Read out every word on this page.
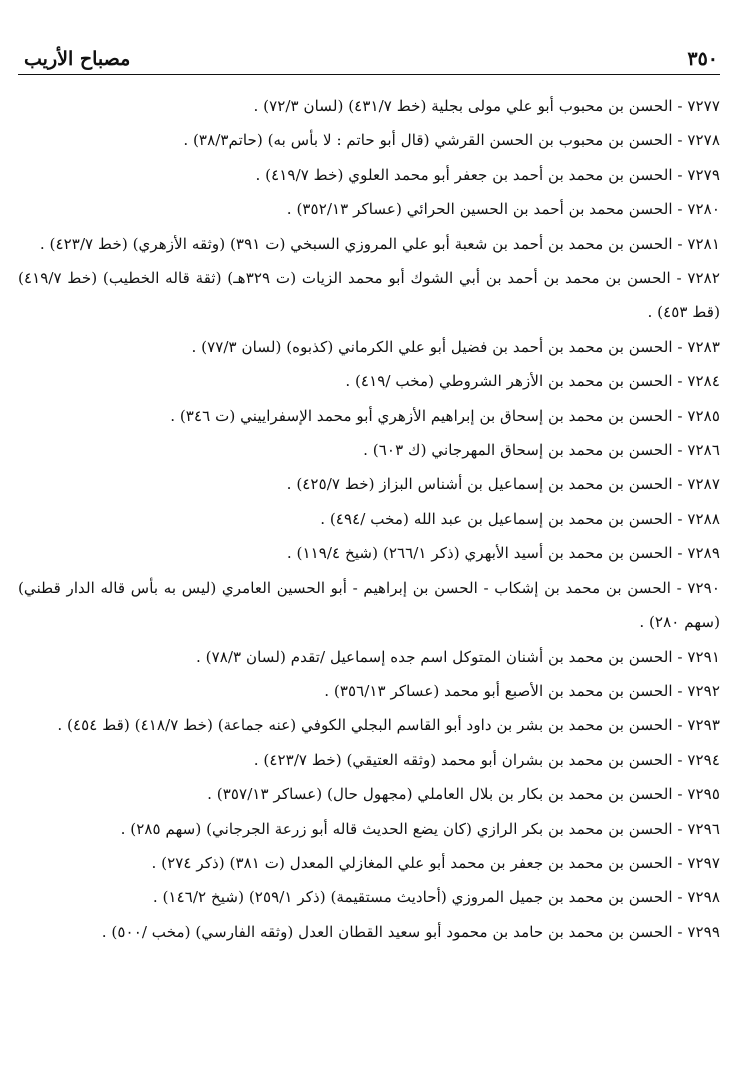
٣٥٠
مصباح الأريب
٧٢٧٧ - الحسن بن محبوب أبو علي مولى بجلية (خط ٤٣١/٧) (لسان ٧٢/٣) .
٧٢٧٨ - الحسن بن محبوب بن الحسن القرشي (قال أبو حاتم : لا بأس به) (حاتم٣٨/٣) .
٧٢٧٩ - الحسن بن محمد بن أحمد بن جعفر أبو محمد العلوي (خط ٤١٩/٧) .
٧٢٨٠ - الحسن محمد بن أحمد بن الحسين الحرائي (عساكر ٣٥٢/١٣) .
٧٢٨١ - الحسن بن محمد بن أحمد بن شعبة أبو علي المروزي السبخي (ت ٣٩١) (وثقه الأزهري) (خط ٤٢٣/٧) .
٧٢٨٢ - الحسن بن محمد بن أحمد بن أبي الشوك أبو محمد الزيات (ت ٣٢٩هـ) (ثقة قاله الخطيب) (خط ٤١٩/٧) (قط ٤٥٣) .
٧٢٨٣ - الحسن بن محمد بن أحمد بن فضيل أبو علي الكرماني (كذبوه) (لسان ٧٧/٣) .
٧٢٨٤ - الحسن بن محمد بن الأزهر الشروطي (مخب /٤١٩) .
٧٢٨٥ - الحسن بن محمد بن إسحاق بن إبراهيم الأزهري أبو محمد الإسفراييني (ت ٣٤٦) .
٧٢٨٦ - الحسن بن محمد بن إسحاق المهرجاني (ك ٦٠٣) .
٧٢٨٧ - الحسن بن محمد بن إسماعيل بن أشناس البزاز (خط ٤٢٥/٧) .
٧٢٨٨ - الحسن بن محمد بن إسماعيل بن عبد الله (مخب /٤٩٤) .
٧٢٨٩ - الحسن بن محمد بن أسيد الأبهري (ذكر ٢٦٦/١) (شيخ ١١٩/٤) .
٧٢٩٠ - الحسن بن محمد بن إشكاب - الحسن بن إبراهيم - أبو الحسين العامري (ليس به بأس قاله الدار قطني) (سهم ٢٨٠) .
٧٢٩١ - الحسن بن محمد بن أشنان المتوكل اسم جده إسماعيل /تقدم (لسان ٧٨/٣) .
٧٢٩٢ - الحسن بن محمد بن الأصبع أبو محمد (عساكر ٣٥٦/١٣) .
٧٢٩٣ - الحسن بن محمد بن بشر بن داود أبو القاسم البجلي الكوفي (عنه جماعة) (خط ٤١٨/٧) (قط ٤٥٤) .
٧٢٩٤ - الحسن بن محمد بن بشران أبو محمد (وثقه العتيقي) (خط ٤٢٣/٧) .
٧٢٩٥ - الحسن بن محمد بن بكار بن بلال العاملي (مجهول حال) (عساكر ٣٥٧/١٣) .
٧٢٩٦ - الحسن بن محمد بن بكر الرازي (كان يضع الحديث قاله أبو زرعة الجرجاني) (سهم ٢٨٥) .
٧٢٩٧ - الحسن بن محمد بن جعفر بن محمد أبو علي المغازلي المعدل (ت ٣٨١) (ذكر ٢٧٤) .
٧٢٩٨ - الحسن بن محمد بن جميل المروزي (أحاديث مستقيمة) (ذكر ٢٥٩/١) (شيخ ١٤٦/٢) .
٧٢٩٩ - الحسن بن محمد بن حامد بن محمود أبو سعيد القطان العدل (وثقه الفارسي) (مخب /٥٠٠) .
